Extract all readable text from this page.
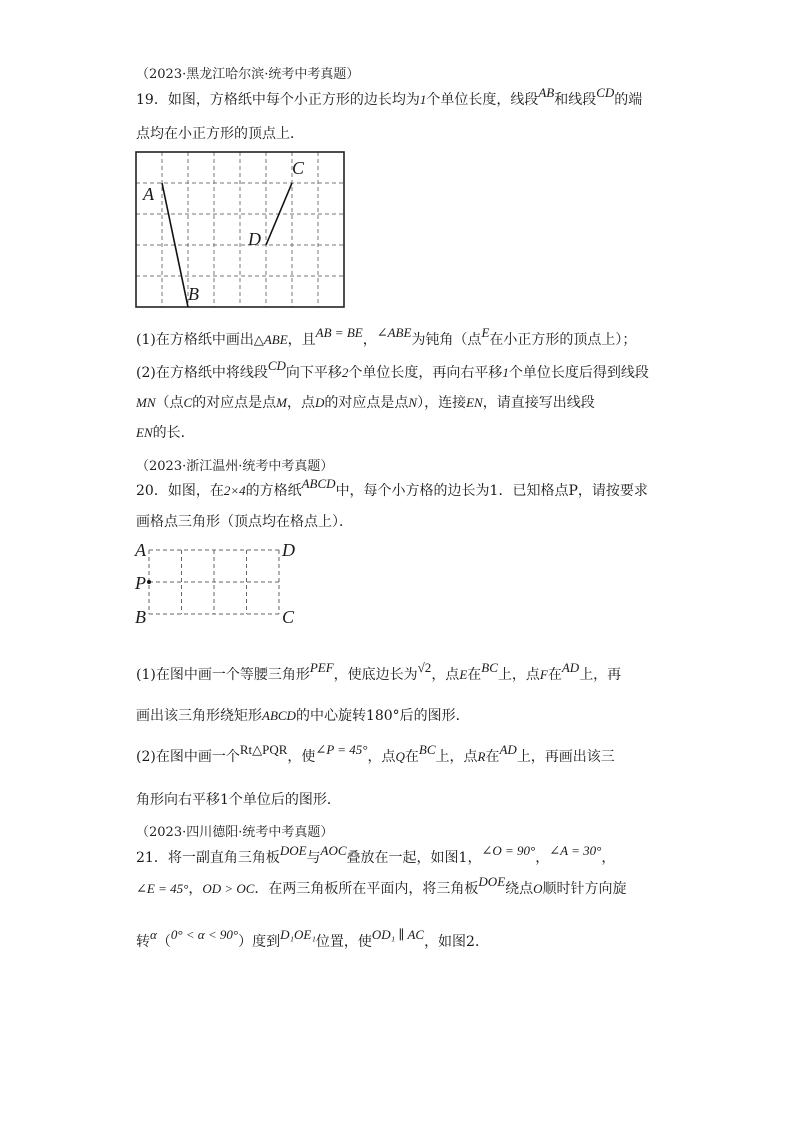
（2023·黑龙江哈尔滨·统考中考真题）
19．如图，方格纸中每个小正方形的边长均为1个单位长度，线段AB和线段CD的端
点均在小正方形的顶点上．
A
B
C
D
(1)在方格纸中画出△ABE，且AB = BE，∠ABE为钝角（点E在小正方形的顶点上）；
(2)在方格纸中将线段CD向下平移2个单位长度，再向右平移1个单位长度后得到线段
MN（点C的对应点是点M，点D的对应点是点N），连接EN，请直接写出线段
EN的长．
（2023·浙江温州·统考中考真题）
20．如图，在2×4的方格纸ABCD中，每个小方格的边长为1．已知格点P，请按要求
画格点三角形（顶点均在格点上）．
A	D
P
B	C
(1)在图中画一个等腰三角形PEF，使底边长为√2，点E在BC上，点F在AD上，再
画出该三角形绕矩形ABCD的中心旋转180°后的图形．
(2)在图中画一个Rt△PQR，使∠P = 45°，点Q在BC上，点R在AD上，再画出该三
角形向右平移1个单位后的图形．
（2023·四川德阳·统考中考真题）
21．将一副直角三角板DOE与AOC叠放在一起，如图1，∠O = 90°，∠A = 30°，
∠E = 45°，OD > OC．在两三角板所在平面内，将三角板DOE绕点O顺时针方向旋
转α（0° < α < 90°）度到D₁OE₁位置，使OD₁ ∥ AC，如图2．
